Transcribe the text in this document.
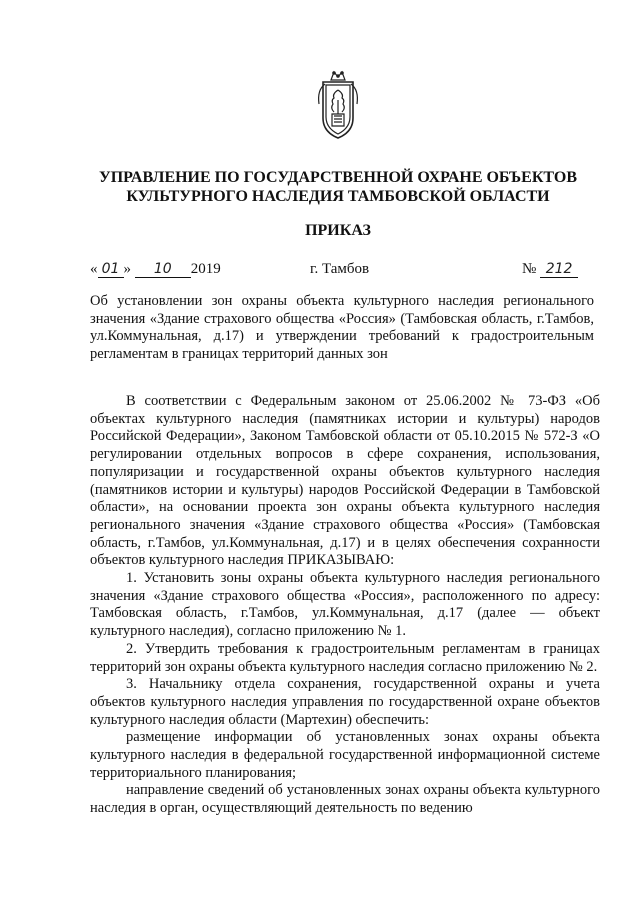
УПРАВЛЕНИЕ ПО ГОСУДАРСТВЕННОЙ ОХРАНЕ ОБЪЕКТОВ
КУЛЬТУРНОГО НАСЛЕДИЯ ТАМБОВСКОЙ ОБЛАСТИ
ПРИКАЗ
« 01 » 10 2019	г. Тамбов	№ 212
Об установлении зон охраны объекта культурного наследия регионального значения «Здание страхового общества «Россия» (Тамбовская область, г.Тамбов, ул.Коммунальная, д.17) и утверждении требований к градостроительным регламентам в границах территорий данных зон

В соответствии с Федеральным законом от 25.06.2002 № 73-ФЗ «Об объектах культурного наследия (памятниках истории и культуры) народов Российской Федерации», Законом Тамбовской области от 05.10.2015 № 572-З «О регулировании отдельных вопросов в сфере сохранения, использования, популяризации и государственной охраны объектов культурного наследия (памятников истории и культуры) народов Российской Федерации в Тамбовской области», на основании проекта зон охраны объекта культурного наследия регионального значения «Здание страхового общества «Россия» (Тамбовская область, г.Тамбов, ул.Коммунальная, д.17) и в целях обеспечения сохранности объектов культурного наследия ПРИКАЗЫВАЮ:

1. Установить зоны охраны объекта культурного наследия регионального значения «Здание страхового общества «Россия», расположенного по адресу: Тамбовская область, г.Тамбов, ул.Коммунальная, д.17 (далее — объект культурного наследия), согласно приложению № 1.

2. Утвердить требования к градостроительным регламентам в границах территорий зон охраны объекта культурного наследия согласно приложению № 2.

3. Начальнику отдела сохранения, государственной охраны и учета объектов культурного наследия управления по государственной охране объектов культурного наследия области (Мартехин) обеспечить:

размещение информации об установленных зонах охраны объекта культурного наследия в федеральной государственной информационной системе территориального планирования;

направление сведений об установленных зонах охраны объекта культурного наследия в орган, осуществляющий деятельность по ведению
